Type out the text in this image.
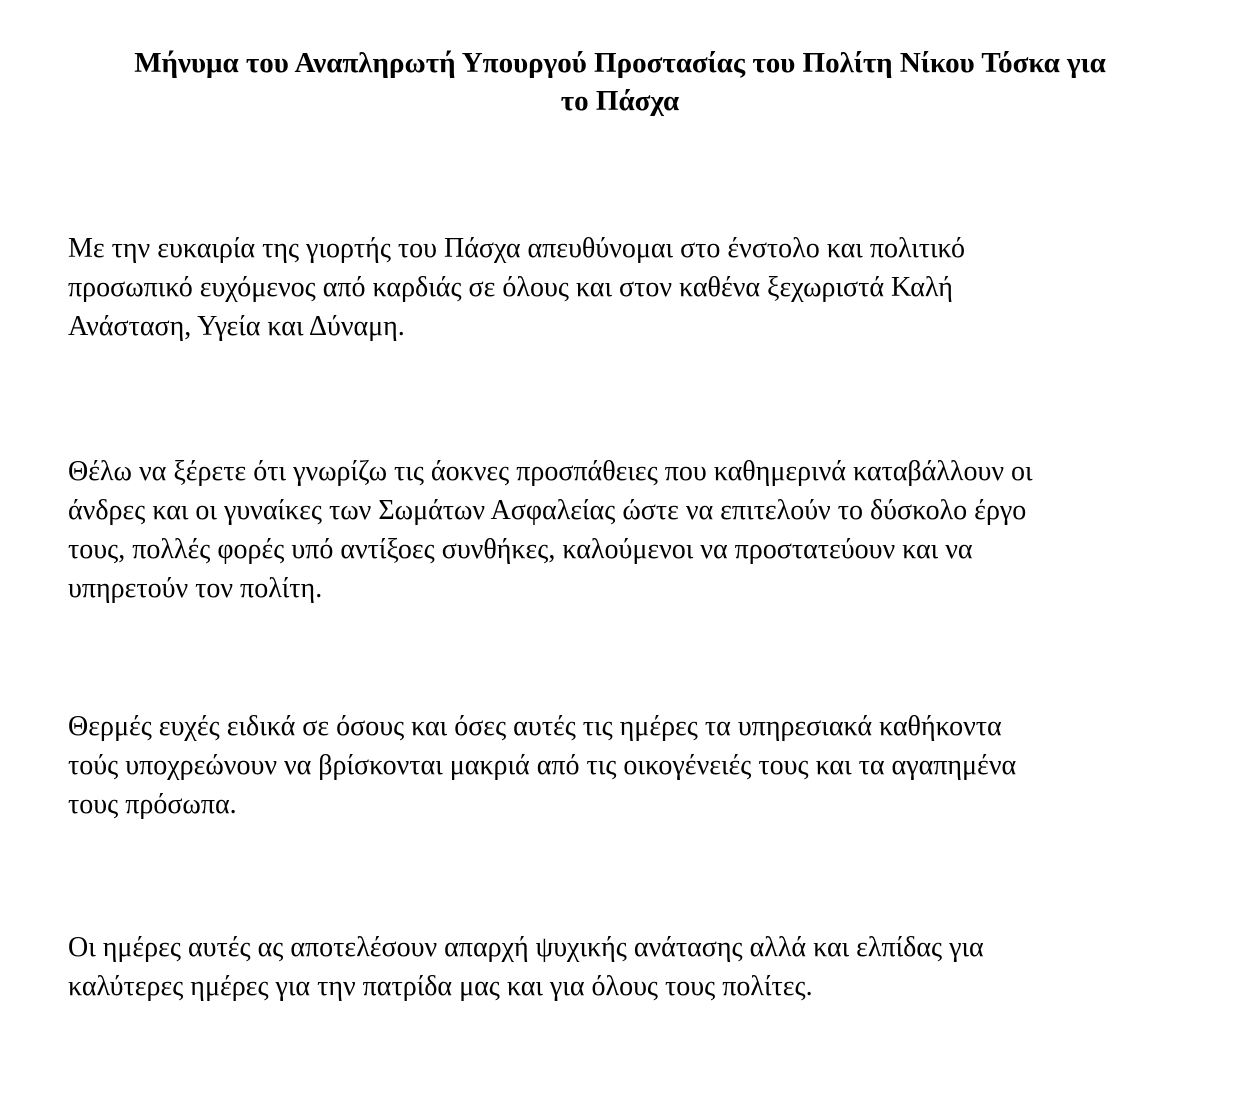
Μήνυμα του Αναπληρωτή Υπουργού Προστασίας του Πολίτη Νίκου Τόσκα για
το Πάσχα

Με την ευκαιρία της γιορτής του Πάσχα απευθύνομαι στο ένστολο και πολιτικό
προσωπικό ευχόμενος από καρδιάς σε όλους και στον καθένα ξεχωριστά Καλή
Ανάσταση, Υγεία και Δύναμη.

Θέλω να ξέρετε ότι γνωρίζω τις άοκνες προσπάθειες που καθημερινά καταβάλλουν οι
άνδρες και οι γυναίκες των Σωμάτων Ασφαλείας ώστε να επιτελούν το δύσκολο έργο
τους, πολλές φορές υπό αντίξοες συνθήκες, καλούμενοι να προστατεύουν και να
υπηρετούν τον πολίτη.

Θερμές ευχές ειδικά σε όσους και όσες αυτές τις ημέρες τα υπηρεσιακά καθήκοντα
τούς υποχρεώνουν να βρίσκονται μακριά από τις οικογένειές τους και τα αγαπημένα
τους πρόσωπα.

Οι ημέρες αυτές ας αποτελέσουν απαρχή ψυχικής ανάτασης αλλά και ελπίδας για
καλύτερες ημέρες για την πατρίδα μας και για όλους τους πολίτες.
